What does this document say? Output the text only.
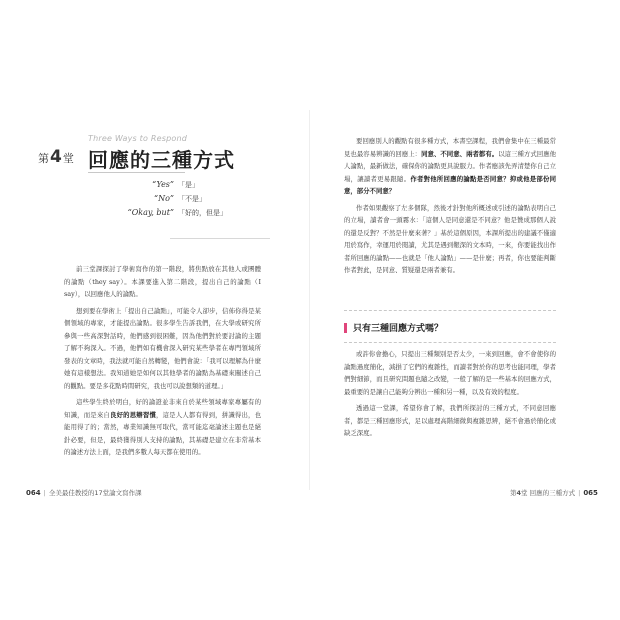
Three Ways to Respond
第4堂 回應的三種方式
“Yes” 「是」
“No” 「不是」
“Okay, but” 「好的，但是」

前三堂課探討了學術寫作的第一階段，將焦點放在其他人或團體的論點（they say）。本課要進入第二階段，提出自己的論點（I say），以回應他人的論點。

想到要在學術上「提出自己論點」，可能令人卻步，信佈你得是某個領域的專家，才能提出論點。很多學生告訴我們，在大學或研究所參與一些高深對話時，他們感到很困難，因為他們對於要討論的主題了解不夠深入。不過，他們如有機會深入研究某些學者在專門領域所發表的文章時，我法就可能自然轉變，他們會說：「我可以理解為什麼她有這樣想法。我知道她是如何以其他學者的論點為基礎來闡述自己的觀點。要是多花點時間研究，我也可以說想類的道理。」

這些學生終於明白，好的論證並非來自於某些領域專家專屬有的知識，而是來自良好的思辯習慣，這是人人都有得到，拼識得出，也能用得了的；當然，專業知識無可取代，當可能迄毫論述主題也是絕針必要，但是，最終獲得別人支持的論點，其基礎是建立在非常基本的論述方法上面，是我們多數人每天都在使用的。

064 | 全美最佳教授的17堂論文寫作課

要回應別人的觀點有很多種方式，本書空課程，我們會集中在三種最常見也最容易辨識的回應上：同意、不同意、兩者都有。以這三種方式回應他人論點，最新做法，確保你的論點更具說服力。作者應該先弄清楚你自己立場，讓讀者更易跟隨。作者對他所回應的論點是否同意？抑或他是部份同意，部分不同意？

作者如果觀察了左多個隊，然後才針對他所概述或引述的論點表明自己的立場，讀者會一頭霧水：「這個人是同意還是不同意？他是贊成那個人說的還是反對？不然是什麼來著？」基於這個原因，本課所提出的建議不僅適用於寫作，幸運用於閱讀，尤其是遇到艱深的文本時，一來，你要能找出作者所回應的論點——也就是「他人論點」——是什麼；再者，你也要能判斷作者對此，是同意、質疑還是兩者兼有。

只有三種回應方式嗎？

或許你會擔心，只提出三種類別是否太少，一來到回應，會不會使你的論點過度簡化，減損了它們的複雜性，而讀者對於你的思考也能同理，學者們對細節，而且研究問題也隨之改變，一般了解的是一些基本的回應方式，最重要的是讓自己能夠分辨出一種和另一種，以及有效的程度。

透過這一堂課，希望你會了解，我們所探討的三種方式，不同意回應者，都是三種回應形式，足以處理高階細微與複雜思辨，絕不會過於簡化或缺乏深度。

第4堂 回應的三種方式 | 065
